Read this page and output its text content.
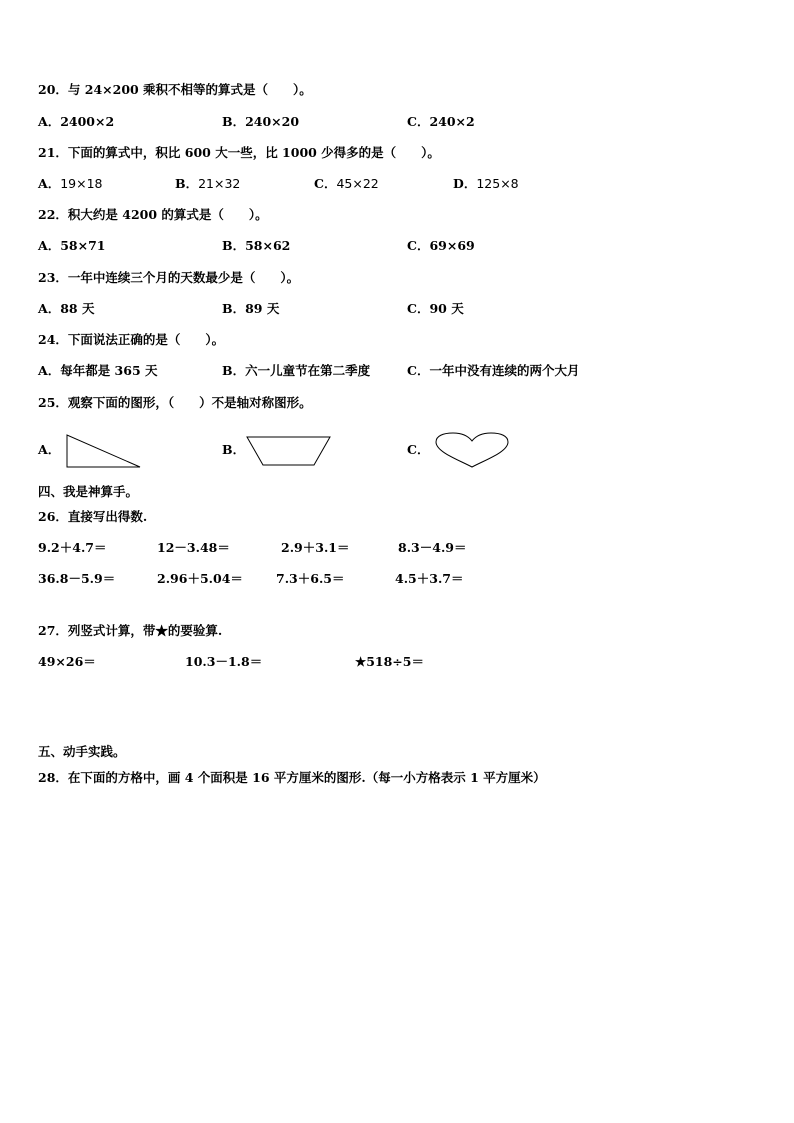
20．与 24×200 乘积不相等的算式是（　　）。
A．2400×2	B．240×20	C．240×2
21．下面的算式中，积比 600 大一些，比 1000 少得多的是（　　）。
A．19×18	B．21×32	C．45×22	D．125×8
22．积大约是 4200 的算式是（　　）。
A．58×71	B．58×62	C．69×69
23．一年中连续三个月的天数最少是（　　）。
A．88 天	B．89 天	C．90 天
24．下面说法正确的是（　　）。
A．每年都是 365 天	B．六一儿童节在第二季度	C．一年中没有连续的两个大月
25．观察下面的图形，（　　）不是轴对称图形。
A．	B．	C．
四、我是神算手。
26．直接写出得数.
9.2＋4.7＝	12－3.48＝	2.9＋3.1＝	8.3－4.9＝
36.8－5.9＝	2.96＋5.04＝	7.3＋6.5＝	4.5＋3.7＝
27．列竖式计算，带★的要验算.
49×26＝	10.3－1.8＝	★518÷5＝
五、动手实践。
28．在下面的方格中，画 4 个面积是 16 平方厘米的图形.（每一小方格表示 1 平方厘米）
